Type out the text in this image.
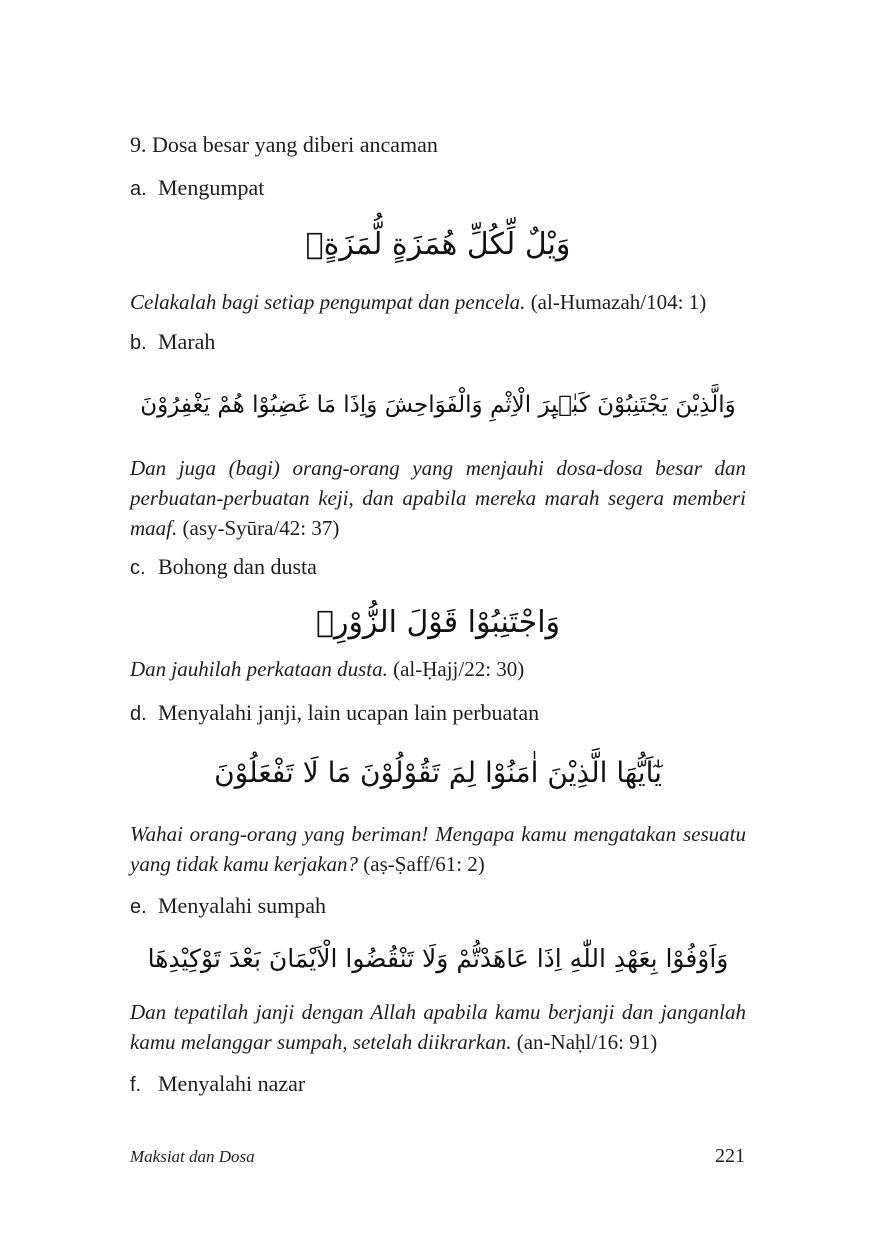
9. Dosa besar yang diberi ancaman
a. Mengumpat
وَيْلٌ لِّكُلِّ هُمَزَةٍ لُّمَزَةٍۙ
Celakalah bagi setiap pengumpat dan pencela. (al-Humazah/104: 1)
b. Marah
وَالَّذِيْنَ يَجْتَنِبُوْنَ كَبٰۤىِٕرَ الْاِثْمِ وَالْفَوَاحِشَ وَاِذَا مَا غَضِبُوْا هُمْ يَغْفِرُوْنَ
Dan juga (bagi) orang-orang yang menjauhi dosa-dosa besar dan perbuatan-perbuatan keji, dan apabila mereka marah segera memberi maaf. (asy-Syūra/42: 37)
c. Bohong dan dusta
وَاجْتَنِبُوْا قَوْلَ الزُّوْرِۙ
Dan jauhilah perkataan dusta. (al-Ḥajj/22: 30)
d. Menyalahi janji, lain ucapan lain perbuatan
يٰٓاَيُّهَا الَّذِيْنَ اٰمَنُوْا لِمَ تَقُوْلُوْنَ مَا لَا تَفْعَلُوْنَ
Wahai orang-orang yang beriman! Mengapa kamu mengatakan sesuatu yang tidak kamu kerjakan? (aṣ-Ṣaff/61: 2)
e. Menyalahi sumpah
وَاَوْفُوْا بِعَهْدِ اللّٰهِ اِذَا عَاهَدْتُّمْ وَلَا تَنْقُضُوا الْاَيْمَانَ بَعْدَ تَوْكِيْدِهَا
Dan tepatilah janji dengan Allah apabila kamu berjanji dan janganlah kamu melanggar sumpah, setelah diikrarkan. (an-Naḥl/16: 91)
f. Menyalahi nazar
Maksiat dan Dosa	221
